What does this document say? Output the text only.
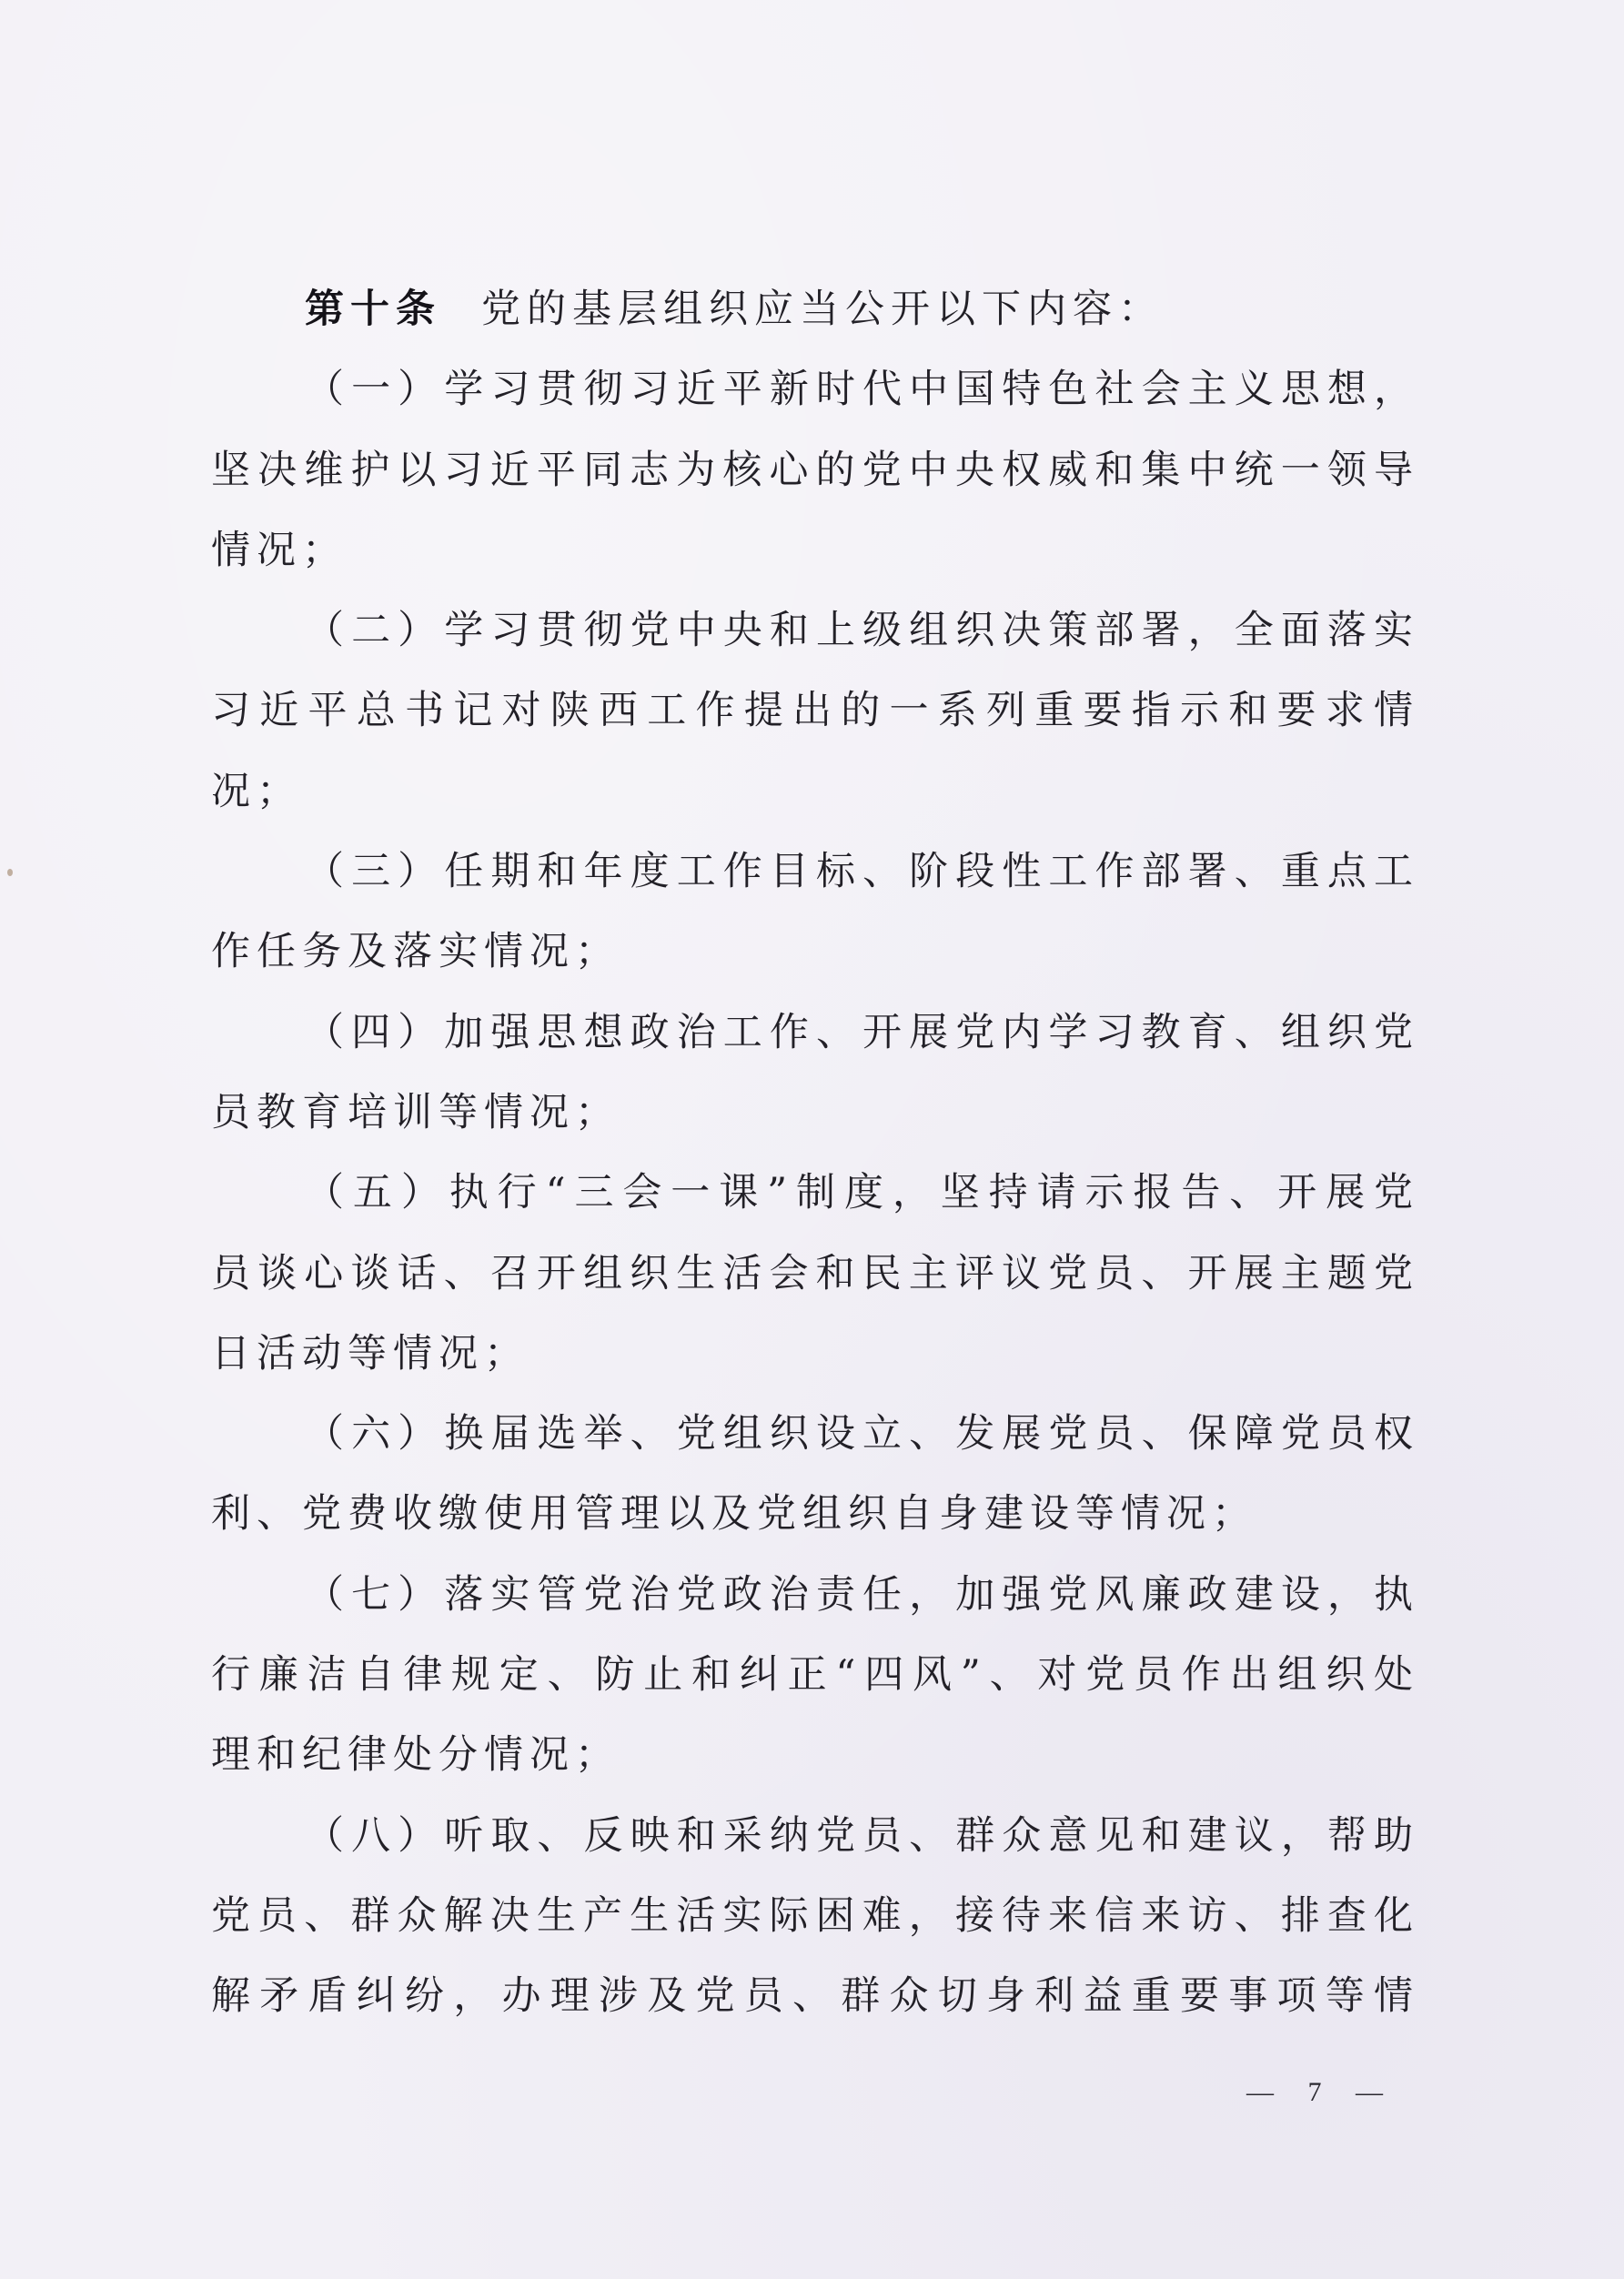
第十条 党的基层组织应当公开以下内容：
（一）学习贯彻习近平新时代中国特色社会主义思想，
坚决维护以习近平同志为核心的党中央权威和集中统一领导
情况；
（二）学习贯彻党中央和上级组织决策部署，全面落实
习近平总书记对陕西工作提出的一系列重要指示和要求情
况；
（三）任期和年度工作目标、阶段性工作部署、重点工
作任务及落实情况；
（四）加强思想政治工作、开展党内学习教育、组织党
员教育培训等情况；
（五）执行“三会一课”制度，坚持请示报告、开展党
员谈心谈话、召开组织生活会和民主评议党员、开展主题党
日活动等情况；
（六）换届选举、党组织设立、发展党员、保障党员权
利、党费收缴使用管理以及党组织自身建设等情况；
（七）落实管党治党政治责任，加强党风廉政建设，执
行廉洁自律规定、防止和纠正“四风”、对党员作出组织处
理和纪律处分情况；
（八）听取、反映和采纳党员、群众意见和建议，帮助
党员、群众解决生产生活实际困难，接待来信来访、排查化
解矛盾纠纷，办理涉及党员、群众切身利益重要事项等情
— 7 —
